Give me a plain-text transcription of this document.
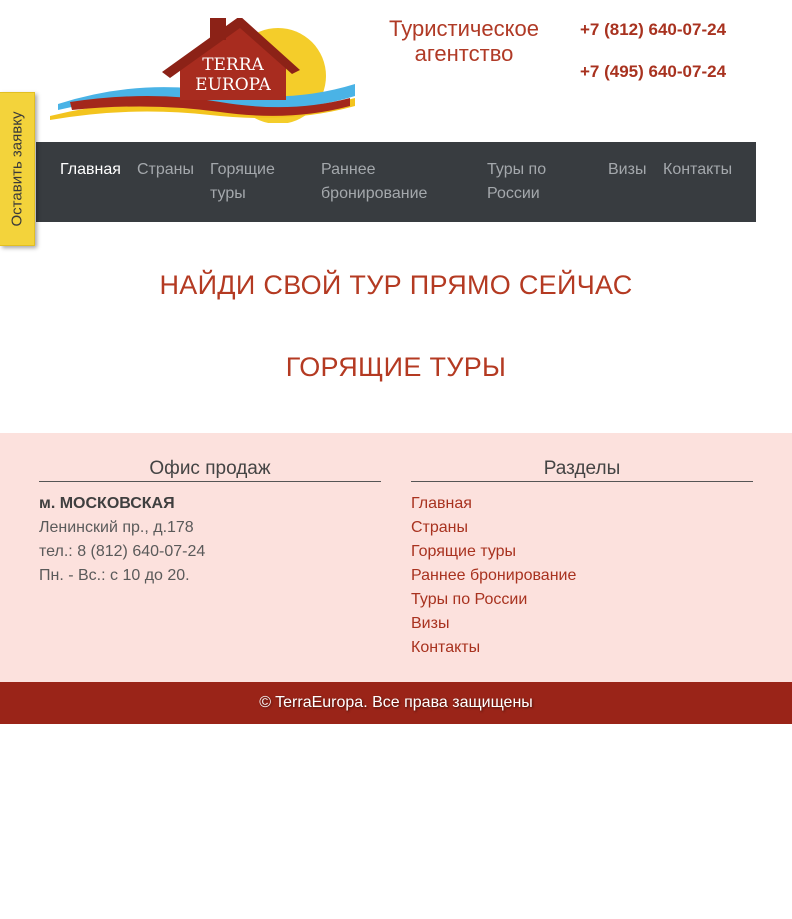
TERRA
EUROPA
Туристическое агентство
+7 (812) 640-07-24
+7 (495) 640-07-24
Главная	Страны Горящие туры
Раннее бронирование
Туры по России
Визы	Контакты
Оставить заявку
НАЙДИ СВОЙ ТУР ПРЯМО СЕЙЧАС
ГОРЯЩИЕ ТУРЫ
Офис продаж
м. МОСКОВСКАЯ
Ленинский пр., д.178
тел.: 8 (812) 640-07-24
Пн. - Вс.: с 10 до 20.
Разделы
Главная
Страны
Горящие туры
Раннее бронирование
Туры по России
Визы
Контакты
© TerraEuropa. Все права защищены
